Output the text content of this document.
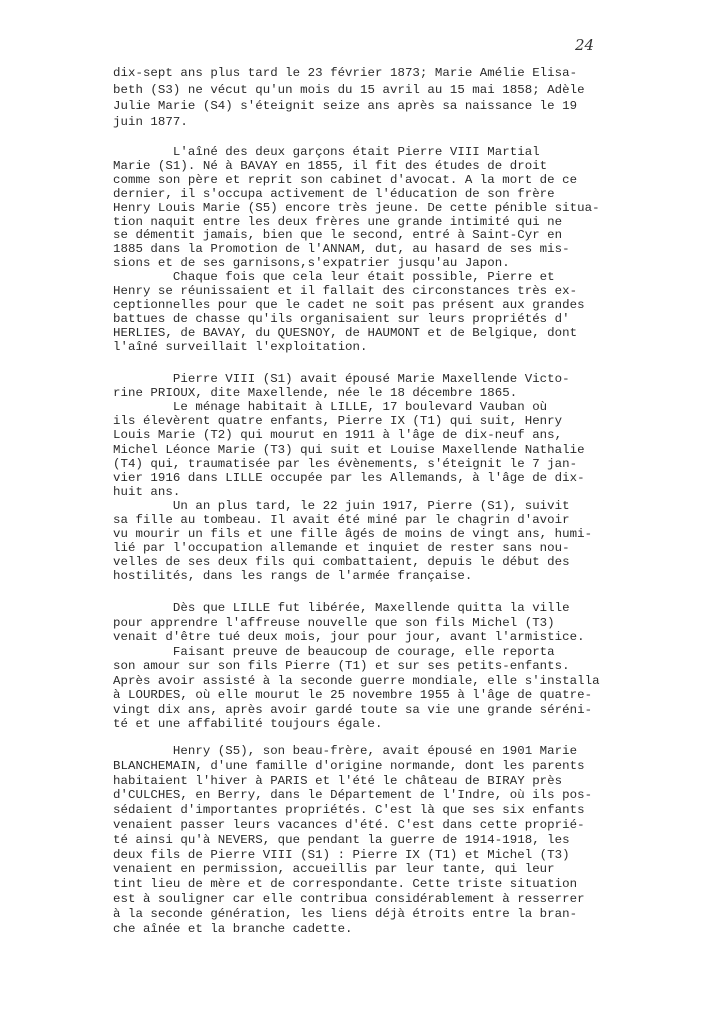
24
dix-sept ans plus tard le 23 février 1873; Marie Amélie Elisa-
beth (S3) ne vécut qu'un mois du 15 avril au 15 mai 1858; Adèle
Julie Marie (S4) s'éteignit seize ans après sa naissance le 19
juin 1877.
L'aîné des deux garçons était Pierre VIII Martial
Marie (S1). Né à BAVAY en 1855, il fit des études de droit
comme son père et reprit son cabinet d'avocat. A la mort de ce
dernier, il s'occupa activement de l'éducation de son frère
Henry Louis Marie (S5) encore très jeune. De cette pénible situa-
tion naquit entre les deux frères une grande intimité qui ne
se démentit jamais, bien que le second, entré à Saint-Cyr en
1885 dans la Promotion de l'ANNAM, dut, au hasard de ses mis-
sions et de ses garnisons,s'expatrier jusqu'au Japon.
Chaque fois que cela leur était possible, Pierre et
Henry se réunissaient et il fallait des circonstances très ex-
ceptionnelles pour que le cadet ne soit pas présent aux grandes
battues de chasse qu'ils organisaient sur leurs propriétés d'
HERLIES, de BAVAY, du QUESNOY, de HAUMONT et de Belgique, dont
l'aîné surveillait l'exploitation.
Pierre VIII (S1) avait épousé Marie Maxellende Victo-
rine PRIOUX, dite Maxellende, née le 18 décembre 1865.
Le ménage habitait à LILLE, 17 boulevard Vauban où
ils élevèrent quatre enfants, Pierre IX (T1) qui suit, Henry
Louis Marie (T2) qui mourut en 1911 à l'âge de dix-neuf ans,
Michel Léonce Marie (T3) qui suit et Louise Maxellende Nathalie
(T4) qui, traumatisée par les évènements, s'éteignit le 7 jan-
vier 1916 dans LILLE occupée par les Allemands, à l'âge de dix-
huit ans.
Un an plus tard, le 22 juin 1917, Pierre (S1), suivit
sa fille au tombeau. Il avait été miné par le chagrin d'avoir
vu mourir un fils et une fille âgés de moins de vingt ans, humi-
lié par l'occupation allemande et inquiet de rester sans nou-
velles de ses deux fils qui combattaient, depuis le début des
hostilités, dans les rangs de l'armée française.
Dès que LILLE fut libérée, Maxellende quitta la ville
pour apprendre l'affreuse nouvelle que son fils Michel (T3)
venait d'être tué deux mois, jour pour jour, avant l'armistice.
Faisant preuve de beaucoup de courage, elle reporta
son amour sur son fils Pierre (T1) et sur ses petits-enfants.
Après avoir assisté à la seconde guerre mondiale, elle s'installa
à LOURDES, où elle mourut le 25 novembre 1955 à l'âge de quatre-
vingt dix ans, après avoir gardé toute sa vie une grande séréni-
té et une affabilité toujours égale.
Henry (S5), son beau-frère, avait épousé en 1901 Marie
BLANCHEMAIN, d'une famille d'origine normande, dont les parents
habitaient l'hiver à PARIS et l'été le château de BIRAY près
d'CULCHES, en Berry, dans le Département de l'Indre, où ils pos-
sédaient d'importantes propriétés. C'est là que ses six enfants
venaient passer leurs vacances d'été. C'est dans cette proprié-
té ainsi qu'à NEVERS, que pendant la guerre de 1914-1918, les
deux fils de Pierre VIII (S1) : Pierre IX (T1) et Michel (T3)
venaient en permission, accueillis par leur tante, qui leur
tint lieu de mère et de correspondante. Cette triste situation
est à souligner car elle contribua considérablement à resserrer
à la seconde génération, les liens déjà étroits entre la bran-
che aînée et la branche cadette.
